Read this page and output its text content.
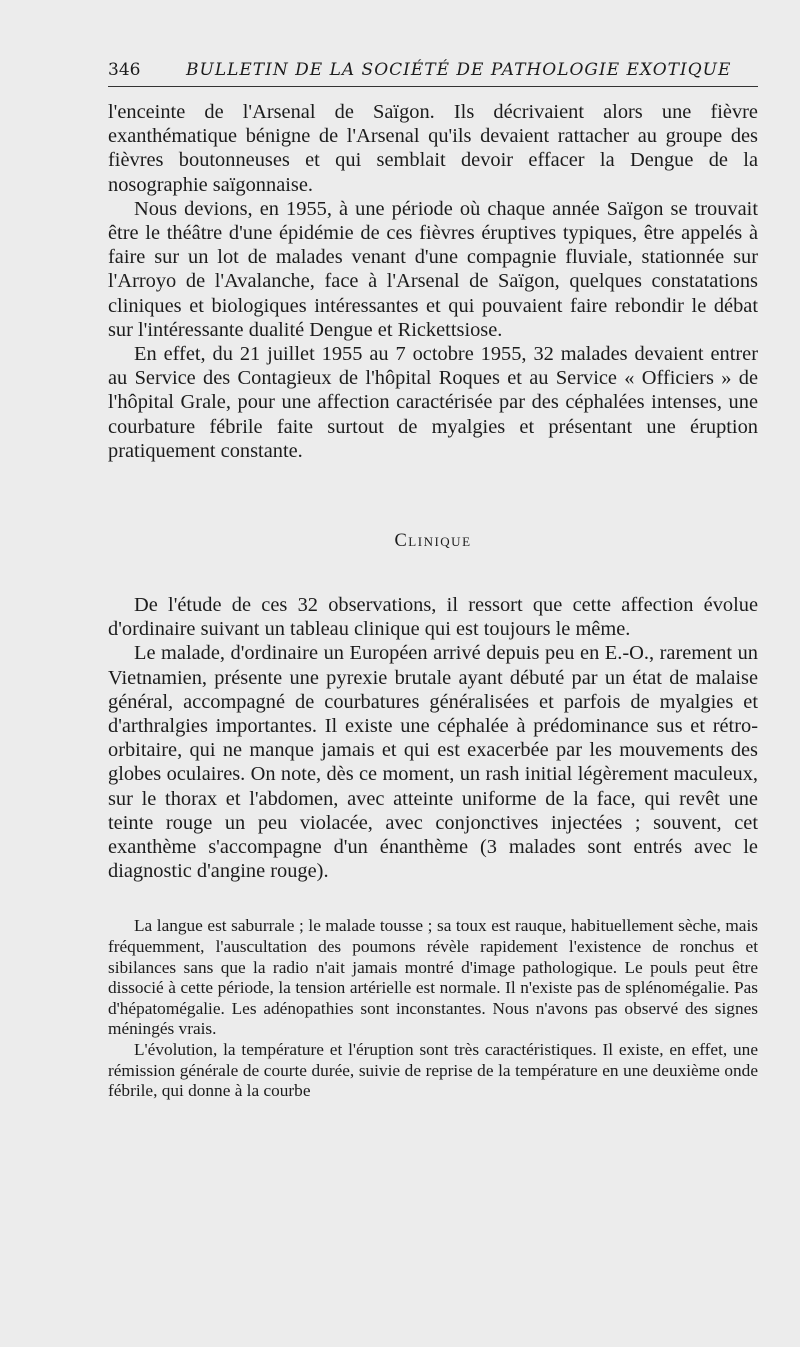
346	BULLETIN DE LA SOCIÉTÉ DE PATHOLOGIE EXOTIQUE

l'enceinte de l'Arsenal de Saïgon. Ils décrivaient alors une fièvre exanthématique bénigne de l'Arsenal qu'ils devaient rattacher au groupe des fièvres boutonneuses et qui semblait devoir effacer la Dengue de la nosographie saïgonnaise.

Nous devions, en 1955, à une période où chaque année Saïgon se trouvait être le théâtre d'une épidémie de ces fièvres éruptives typiques, être appelés à faire sur un lot de malades venant d'une compagnie fluviale, stationnée sur l'Arroyo de l'Avalanche, face à l'Arsenal de Saïgon, quelques constatations cliniques et biologiques intéressantes et qui pouvaient faire rebondir le débat sur l'intéressante dualité Dengue et Rickettsiose.

En effet, du 21 juillet 1955 au 7 octobre 1955, 32 malades devaient entrer au Service des Contagieux de l'hôpital Roques et au Service « Officiers » de l'hôpital Grale, pour une affection caractérisée par des céphalées intenses, une courbature fébrile faite surtout de myalgies et présentant une éruption pratiquement constante.

Clinique

De l'étude de ces 32 observations, il ressort que cette affection évolue d'ordinaire suivant un tableau clinique qui est toujours le même.

Le malade, d'ordinaire un Européen arrivé depuis peu en E.-O., rarement un Vietnamien, présente une pyrexie brutale ayant débuté par un état de malaise général, accompagné de courbatures généralisées et parfois de myalgies et d'arthralgies importantes. Il existe une céphalée à prédominance sus et rétro-orbitaire, qui ne manque jamais et qui est exacerbée par les mouvements des globes oculaires. On note, dès ce moment, un rash initial légèrement maculeux, sur le thorax et l'abdomen, avec atteinte uniforme de la face, qui revêt une teinte rouge un peu violacée, avec conjonctives injectées ; souvent, cet exanthème s'accompagne d'un énanthème (3 malades sont entrés avec le diagnostic d'angine rouge).

La langue est saburrale ; le malade tousse ; sa toux est rauque, habituellement sèche, mais fréquemment, l'auscultation des poumons révèle rapidement l'existence de ronchus et sibilances sans que la radio n'ait jamais montré d'image pathologique. Le pouls peut être dissocié à cette période, la tension artérielle est normale. Il n'existe pas de splénomégalie. Pas d'hépatomégalie. Les adénopathies sont inconstantes. Nous n'avons pas observé des signes méningés vrais.

L'évolution, la température et l'éruption sont très caractéristiques. Il existe, en effet, une rémission générale de courte durée, suivie de reprise de la température en une deuxième onde fébrile, qui donne à la courbe
